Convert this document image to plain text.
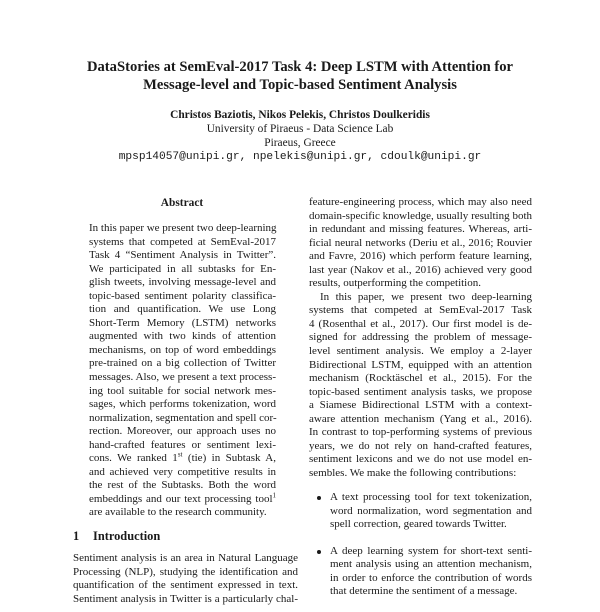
DataStories at SemEval-2017 Task 4: Deep LSTM with Attention for
Message-level and Topic-based Sentiment Analysis
Christos Baziotis, Nikos Pelekis, Christos Doulkeridis
University of Piraeus - Data Science Lab
Piraeus, Greece
mpsp14057@unipi.gr, npelekis@unipi.gr, cdoulk@unipi.gr
Abstract
In this paper we present two deep-learning
systems that competed at SemEval-2017
Task 4 “Sentiment Analysis in Twitter”.
We participated in all subtasks for En-
glish tweets, involving message-level and
topic-based sentiment polarity classifica-
tion and quantification. We use Long
Short-Term Memory (LSTM) networks
augmented with two kinds of attention
mechanisms, on top of word embeddings
pre-trained on a big collection of Twitter
messages. Also, we present a text process-
ing tool suitable for social network mes-
sages, which performs tokenization, word
normalization, segmentation and spell cor-
rection. Moreover, our approach uses no
hand-crafted features or sentiment lexi-
cons. We ranked 1st (tie) in Subtask A,
and achieved very competitive results in
the rest of the Subtasks. Both the word
embeddings and our text processing tool$^1$
are available to the research community.
1 Introduction
Sentiment analysis is an area in Natural Language
Processing (NLP), studying the identification and
quantification of the sentiment expressed in text.
Sentiment analysis in Twitter is a particularly chal-
feature-engineering process, which may also need
domain-specific knowledge, usually resulting both
in redundant and missing features. Whereas, arti-
ficial neural networks (Deriu et al., 2016; Rouvier
and Favre, 2016) which perform feature learning,
last year (Nakov et al., 2016) achieved very good
results, outperforming the competition.
In this paper, we present two deep-learning
systems that competed at SemEval-2017 Task
4 (Rosenthal et al., 2017). Our first model is de-
signed for addressing the problem of message-
level sentiment analysis. We employ a 2-layer
Bidirectional LSTM, equipped with an attention
mechanism (Rocktäschel et al., 2015). For the
topic-based sentiment analysis tasks, we propose
a Siamese Bidirectional LSTM with a context-
aware attention mechanism (Yang et al., 2016).
In contrast to top-performing systems of previous
years, we do not rely on hand-crafted features,
sentiment lexicons and we do not use model en-
sembles. We make the following contributions:
A text processing tool for text tokenization,
word normalization, word segmentation and
spell correction, geared towards Twitter.
A deep learning system for short-text senti-
ment analysis using an attention mechanism,
in order to enforce the contribution of words
that determine the sentiment of a message.
